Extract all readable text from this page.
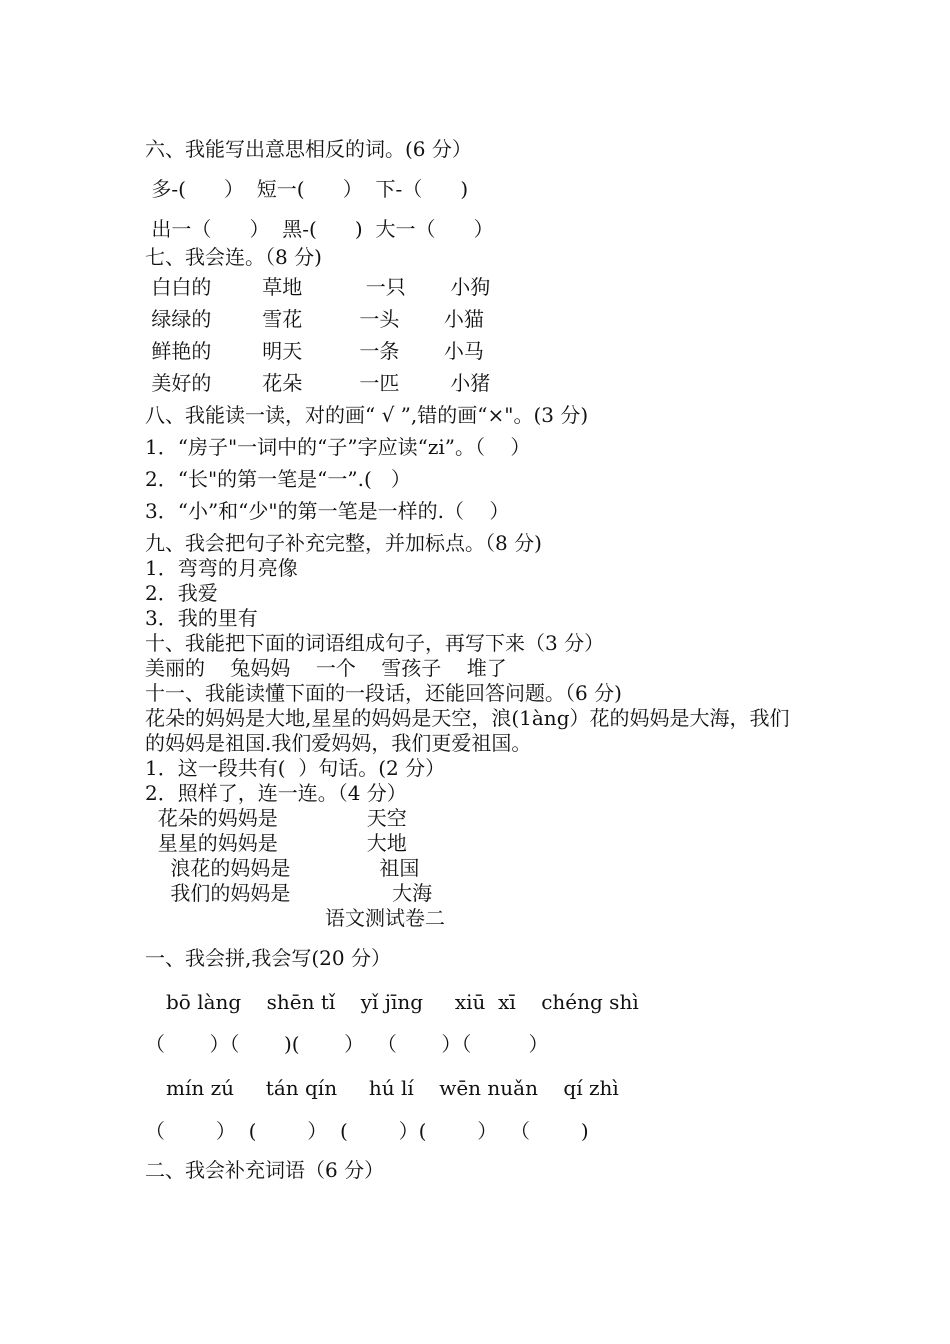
六、我能写出意思相反的词。(6 分）
多-(      ）  短一(      ）  下-（      )
出一（      ）  黑-(      )  大一（      ）
七、我会连。（8 分)
白白的        草地          一只       小狗
绿绿的        雪花         一头       小猫
鲜艳的        明天         一条       小马
美好的        花朵         一匹        小猪
八、我能读一读，对的画“ √ ”,错的画“×"。(3 分)
1．“房子"一词中的“子”字应读“zi”。（    ）
2．“长"的第一笔是“一”.(   ）
3．“小”和“少"的第一笔是一样的.（    ）
九、我会把句子补充完整，并加标点。（8 分)
1．弯弯的月亮像
2．我爱
3．我的里有
十、我能把下面的词语组成句子，再写下来（3 分）
美丽的    兔妈妈    一个    雪孩子    堆了
十一、我能读懂下面的一段话，还能回答问题。（6 分)
花朵的妈妈是大地,星星的妈妈是天空，浪(1àng）花的妈妈是大海，我们
的妈妈是祖国.我们爱妈妈，我们更爱祖国。
1．这一段共有(  ）句话。(2 分）
2．照样了，连一连。（4 分）
花朵的妈妈是              天空
星星的妈妈是              大地
浪花的妈妈是              祖国
我们的妈妈是                大海
语文测试卷二
一、我会拼,我会写(20 分）
bō làng    shēn tǐ    yǐ jīng     xiū  xī    chéng shì
（       ）（       )(       ）  （       ）（         ）
mín zú     tán qín     hú lí    wēn nuǎn    qí zhì
（        ）  (        ）  (        ）(        ）  （        )
二、我会补充词语（6 分）
